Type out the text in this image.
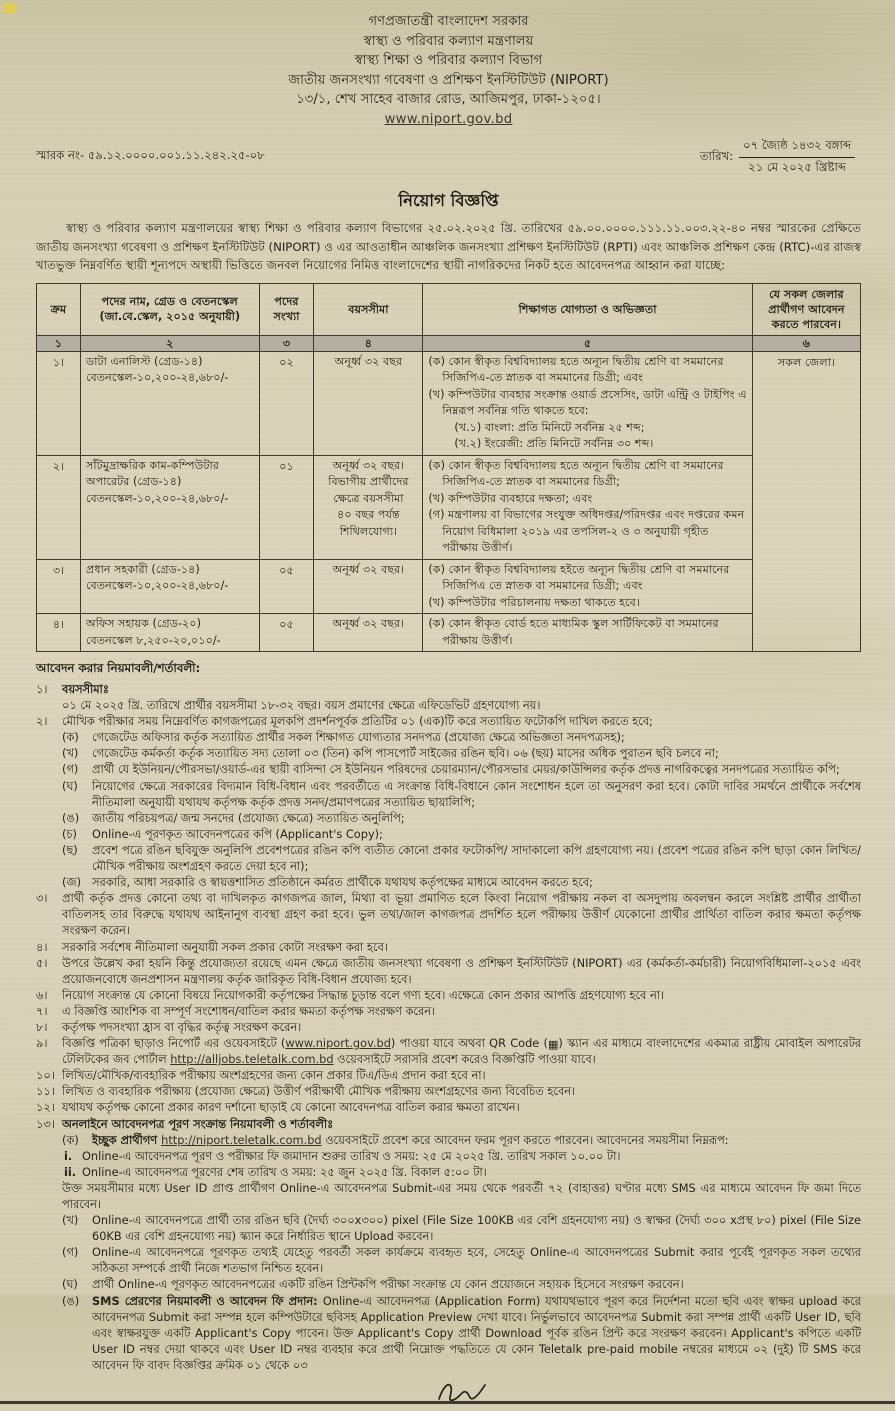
গণপ্রজাতন্ত্রী বাংলাদেশ সরকার
স্বাস্থ্য ও পরিবার কল্যাণ মন্ত্রণালয়
স্বাস্থ্য শিক্ষা ও পরিবার কল্যাণ বিভাগ
জাতীয় জনসংখ্যা গবেষণা ও প্রশিক্ষণ ইনস্টিটিউট (NIPORT)
১৩/১, শেখ সাহেব বাজার রোড, আজিমপুর, ঢাকা-১২০৫।
www.niport.gov.bd
স্মারক নং- ৫৯.১২.০০০০.০০১.১১.২৪২.২৫-০৮	তারিখ: $\frac{\text{০৭ জ্যৈষ্ঠ ১৪৩২ বঙ্গাব্দ}}{\text{২১ মে ২০২৫ খ্রিষ্টাব্দ}}$
নিয়োগ বিজ্ঞপ্তি

স্বাস্থ্য ও পরিবার কল্যাণ মন্ত্রণালয়ের স্বাস্থ্য শিক্ষা ও পরিবার কল্যাণ বিভাগের ২৫.০২.২০২৫ খ্রি. তারিখের ৫৯.০০.০০০০.১১১.১১.০০৩.২২-৪০ নম্বর স্মারকের প্রেক্ষিতে জাতীয় জনসংখ্যা গবেষণা ও প্রশিক্ষণ ইনস্টিটিউট (NIPORT) ও এর আওতাধীন আঞ্চলিক জনসংখ্যা প্রশিক্ষণ ইনস্টিটিউট (RPTI) এবং আঞ্চলিক প্রশিক্ষণ কেন্দ্র (RTC)-এর রাজস্ব খাতভুক্ত নিম্নবর্ণিত স্থায়ী শূন্যপদে অস্থায়ী ভিত্তিতে জনবল নিয়োগের নিমিত্ত বাংলাদেশের স্থায়ী নাগরিকদের নিকট হতে আবেদনপত্র আহ্বান করা যাচ্ছে:

ক্রম	পদের নাম, গ্রেড ও বেতনস্কেল (জা.বে.স্কেল, ২০১৫ অনুযায়ী)	পদের সংখ্যা	বয়সসীমা	শিক্ষাগত যোগ্যতা ও অভিজ্ঞতা	যে সকল জেলার প্রার্থীগণ আবেদন করতে পারবেন।
১	২	৩	৪	৫	৬
১।	ডাটা এনালিস্ট (গ্রেড-১৪)
বেতনস্কেল-১০,২০০-২৪,৬৮০/-
	০২	অনূর্ধ্ব ৩২ বছর	(ক) কোন স্বীকৃত বিশ্ববিদ্যালয় হতে অন্যূন দ্বিতীয় শ্রেণি বা সমমানের সিজিপিএ-তে স্নাতক বা সমমানের ডিগ্রী; এবং
(খ) কম্পিউটার ব্যবহার সংক্রান্ত ওয়ার্ড প্রসেসিং, ডাটা এন্ট্রি ও টাইপিং এ নিম্নরূপ সর্বনিম্ন গতি থাকতে হবে:
(খ.১) বাংলা: প্রতি মিনিটে সর্বনিম্ন ২৫ শব্দ;
(খ.২) ইংরেজী: প্রতি মিনিটে সর্বনিম্ন ৩০ শব্দ।
	সকল জেলা।
২।	সাঁটমুদ্রাক্ষরিক কাম-কম্পিউটার অপারেটর (গ্রেড-১৪)
বেতনস্কেল-১০,২০০-২৪,৬৮০/-
	০১	অনূর্ধ্ব ৩২ বছর।
বিভাগীয় প্রার্থীদের
ক্ষেত্রে বয়সসীমা
৪০ বছর পর্যন্ত
শিথিলযোগ্য।

(ক) কোন স্বীকৃত বিশ্ববিদ্যালয় হতে অন্যূন দ্বিতীয় শ্রেণি বা সমমানের সিজিপিএ-তে স্নাতক বা সমমানের ডিগ্রী;
(খ) কম্পিউটার ব্যবহারে দক্ষতা; এবং
(গ) মন্ত্রণালয় বা বিভাগের সংযুক্ত অধিদপ্তর/পরিদপ্তর এবং দপ্তরের কমন নিয়োগ বিধিমালা ২০১৯ এর তপসিল-২ ও ৩ অনুযায়ী গৃহীত পরীক্ষায় উত্তীর্ণ।

৩।	প্রধান সহকারী (গ্রেড-১৪)
বেতনস্কেল-১০,২০০-২৪,৬৮০/-
	০৫	অনূর্ধ্ব ৩২ বছর।	(ক) কোন স্বীকৃত বিশ্ববিদ্যালয় হইতে অন্যূন দ্বিতীয় শ্রেণি বা সমমানের সিজিপিএ তে স্নাতক বা সমমানের ডিগ্রী; এবং
(খ) কম্পিউটার পরিচালনায় দক্ষতা থাকতে হবে।

৪।	অফিস সহায়ক (গ্রেড-২০)
বেতনস্কেল ৮,২৫০-২০,০১০/-	০৫	অনূর্ধ্ব ৩২ বছর।	(ক) কোন স্বীকৃত বোর্ড হতে মাধ্যমিক স্কুল সার্টিফিকেট বা সমমানের পরীক্ষায় উত্তীর্ণ।	
আবেদন করার নিয়মাবলী/শর্তাবলী:
১। বয়সসীমাঃ
০১ মে ২০২৫ খ্রি. তারিখে প্রার্থীর বয়সসীমা ১৮-৩২ বছর। বয়স প্রমাণের ক্ষেত্রে এফিডেভিট গ্রহণযোগ্য নয়।
২। মৌখিক পরীক্ষার সময় নিম্নেবর্ণিত কাগজপত্রের মূলকপি প্রদর্শনপূর্বক প্রতিটির ০১ (এক)টি করে সত্যায়িত ফটোকপি দাখিল করতে হবে;
(ক) গেজেটেড অফিসার কর্তৃক সত্যায়িত প্রার্থীর সকল শিক্ষাগত যোগ্যতার সনদপত্র (প্রযোজ্য ক্ষেত্রে অভিজ্ঞতা সনদপত্রসহ);
(খ) গেজেটেড কর্মকর্তা কর্তৃক সত্যায়িত সদ্য তোলা ০৩ (তিন) কপি পাসপোর্ট সাইজের রঙিন ছবি। ০৬ (ছয়) মাসের অধিক পুরাতন ছবি চলবে না;
(গ) প্রার্থী যে ইউনিয়ন/পৌরসভা/ওয়ার্ড-এর স্থায়ী বাসিন্দা সে ইউনিয়ন পরিষদের চেয়ারম্যান/পৌরসভার মেয়র/কাউন্সিলর কর্তৃক প্রদত্ত নাগরিকত্বের সনদপত্রের সত্যায়িত কপি;
(ঘ) নিয়োগের ক্ষেত্রে সরকারের বিদ্যমান বিধি-বিধান এবং পরবর্তীতে এ সংক্রান্ত বিধি-বিধানে কোন সংশোধন হলে তা অনুসরণ করা হবে। কোটা দাবির সমর্থনে প্রার্থীকে সর্বশেষ নীতিমালা অনুযায়ী যথাযথ কর্তৃপক্ষ কর্তৃক প্রদত্ত সনদ/প্রমাণপত্রের সত্যায়িত ছায়ালিপি;
(ঙ) জাতীয় পরিচয়পত্র/ জন্ম সনদের (প্রযোজ্য ক্ষেত্রে) সত্যায়িত অনুলিপি;
(চ) Online-এ পূরণকৃত আবেদনপত্রের কপি (Applicant's Copy);
(ছ) প্রবেশ পত্রে রঙিন ছবিযুক্ত অনুলিপি প্রবেশপত্রের রঙিন কপি ব্যতীত কোনো প্রকার ফটোকপি/ সাদাকালো কপি গ্রহণযোগ্য নয়। (প্রবেশ পত্রের রঙিন কপি ছাড়া কোন লিখিত/মৌখিক পরীক্ষায় অংশগ্রহণ করতে দেয়া হবে না);
(জ) সরকারি, আধা সরকারি ও স্বায়ত্তশাসিত প্রতিষ্ঠানে কর্মরত প্রার্থীকে যথাযথ কর্তৃপক্ষের মাধ্যমে আবেদন করতে হবে;
৩। প্রার্থী কর্তৃক প্রদত্ত কোনো তথ্য বা দাখিলকৃত কাগজপত্র জাল, মিথ্যা বা ভূয়া প্রমাণিত হলে কিংবা নিয়োগ পরীক্ষায় নকল বা অসদুপায় অবলম্বন করলে সংশ্লিষ্ট প্রার্থীর প্রার্থীতা বাতিলসহ তার বিরুদ্ধে যথাযথ আইনানুগ ব্যবস্থা গ্রহণ করা হবে। ভুল তথ্য/জাল কাগজপত্র প্রদর্শিত হলে পরীক্ষায় উত্তীর্ণ যেকোনো প্রার্থীর প্রার্থিতা বাতিল করার ক্ষমতা কর্তৃপক্ষ সংরক্ষণ করেন।
৪। সরকারি সর্বশেষ নীতিমালা অনুযায়ী সকল প্রকার কোটা সংরক্ষণ করা হবে।
৫। উপরে উল্লেখ করা হয়নি কিন্তু প্রযোজ্যতা রয়েছে এমন ক্ষেত্রে জাতীয় জনসংখ্যা গবেষণা ও প্রশিক্ষণ ইনস্টিটিউট (NIPORT) এর (কর্মকর্তা-কর্মচারী) নিয়োগবিধিমালা-২০১৫ এবং প্রয়োজনবোধে জনপ্রশাসন মন্ত্রণালয় কর্তৃক জারিকৃত বিধি-বিধান প্রযোজ্য হবে।
৬। নিয়োগ সংক্রান্ত যে কোনো বিষয়ে নিয়োগকারী কর্তৃপক্ষের সিদ্ধান্ত চূড়ান্ত বলে গণ্য হবে। এক্ষেত্রে কোন প্রকার আপত্তি গ্রহণযোগ্য হবে না।
৭। এ বিজ্ঞপ্তি আংশিক বা সম্পূর্ণ সংশোধন/বাতিল করার ক্ষমতা কর্তৃপক্ষ সংরক্ষণ করেন।
৮। কর্তৃপক্ষ পদসংখ্যা হ্রাস বা বৃদ্ধির কর্তৃত্ব সংরক্ষণ করেন।
৯। বিজ্ঞপ্তি পত্রিকা ছাড়াও নিপোর্ট এর ওয়েবসাইটে (www.niport.gov.bd) পাওয়া যাবে অথবা QR Code (▦) স্ক্যান এর মাধ্যমে বাংলাদেশের একমাত্র রাষ্ট্রীয় মোবাইল অপারেটর টেলিটকের জব পোর্টাল http://alljobs.teletalk.com.bd ওয়েবসাইটে সরাসরি প্রবেশ করেও বিজ্ঞপ্তিটি পাওয়া যাবে।
১০। লিখিত/মৌখিক/ব্যবহারিক পরীক্ষায় অংশগ্রহণের জন্য কোন প্রকার টিএ/ডিএ প্রদান করা হবে না।
১১। লিখিত ও ব্যবহারিক পরীক্ষায় (প্রযোজ্য ক্ষেত্রে) উত্তীর্ণ পরীক্ষার্থী মৌখিক পরীক্ষায় অংশগ্রহণের জন্য বিবেচিত হবেন।
১২। যথাযথ কর্তৃপক্ষ কোনো প্রকার কারণ দর্শানো ছাড়াই যে কোনো আবেদনপত্র বাতিল করার ক্ষমতা রাখেন।
১৩। অনলাইনে আবেদনপত্র পূরণ সংক্রান্ত নিয়মাবলী ও শর্তাবলীঃ
(ক) ইচ্ছুক প্রার্থীগণ http://niport.teletalk.com.bd ওয়েবসাইটে প্রবেশ করে আবেদন ফরম পূরণ করতে পারবেন। আবেদনের সময়সীমা নিম্নরূপ:
i. Online-এ আবেদনপত্র পূরণ ও পরীক্ষার ফি জমাদান শুরুর তারিখ ও সময়: ২৫ মে ২০২৫ খ্রি. তারিখ সকাল ১০.০০ টা।
ii. Online-এ আবেদনপত্র পূরণের শেষ তারিখ ও সময়: ২৫ জুন ২০২৫ খ্রি. বিকাল ৫:০০ টা।
উক্ত সময়সীমার মধ্যে User ID প্রাপ্ত প্রার্থীগণ Online-এ আবেদনপত্র Submit-এর সময় থেকে পরবর্তী ৭২ (বাহাত্তর) ঘণ্টার মধ্যে SMS এর মাধ্যমে আবেদন ফি জমা দিতে পারবেন।
(খ) Online-এ আবেদনপত্রে প্রার্থী তার রঙিন ছবি (দৈর্ঘ্য ৩০০x৩০০) pixel (File Size 100KB এর বেশি গ্রহনযোগ্য নয়) ও স্বাক্ষর (দৈর্ঘ্য ৩০০ xপ্রস্থ ৮০) pixel (File Size 60KB এর বেশি গ্রহনযোগ্য নয়) স্ক্যান করে নির্ধারিত স্থানে Upload করবেন।
(গ) Online-এ আবেদনপত্রে পূরণকৃত তথ্যই যেহেতু পরবর্তী সকল কার্যক্রমে ব্যবহৃত হবে, সেহেতু Online-এ আবেদনপত্রের Submit করার পূর্বেই পূরণকৃত সকল তথ্যের সঠিকতা সম্পর্কে প্রার্থী নিজে শতভাগ নিশ্চিত হবেন।
(ঘ) প্রার্থী Online-এ পূরণকৃত আবেদনপত্রের একটি রঙিন প্রিন্টকপি পরীক্ষা সংক্রান্ত যে কোন প্রয়োজনে সহায়ক হিসেবে সংরক্ষণ করবেন।
(ঙ) SMS প্রেরণের নিয়মাবলী ও আবেদন ফি প্রদান: Online-এ আবেদনপত্র (Application Form) যথাযথভাবে পূরণ করে নির্দেশনা মতো ছবি এবং স্বাক্ষর upload করে আবেদনপত্র Submit করা সম্পন্ন হলে কম্পিউটারে ছবিসহ Application Preview দেখা যাবে। নির্ভুলভাবে আবেদনপত্র Submit করা সম্পন্ন প্রার্থী একটি User ID, ছবি এবং স্বাক্ষরযুক্ত একটি Applicant's Copy পাবেন। উক্ত Applicant's Copy প্রার্থী Download পূর্বক রঙিন প্রিন্ট করে সংরক্ষণ করবেন। Applicant's কপিতে একটি User ID নম্বর দেয়া থাকবে এবং User ID নম্বর ব্যবহার করে প্রার্থী নিম্নোক্ত পদ্ধতিতে যে কোন Teletalk pre-paid mobile নম্বরের মাধ্যমে ০২ (দুই) টি SMS করে আবেদন ফি বাবদ বিজ্ঞপ্তির ক্রমিক ০১ থেকে ০৩
